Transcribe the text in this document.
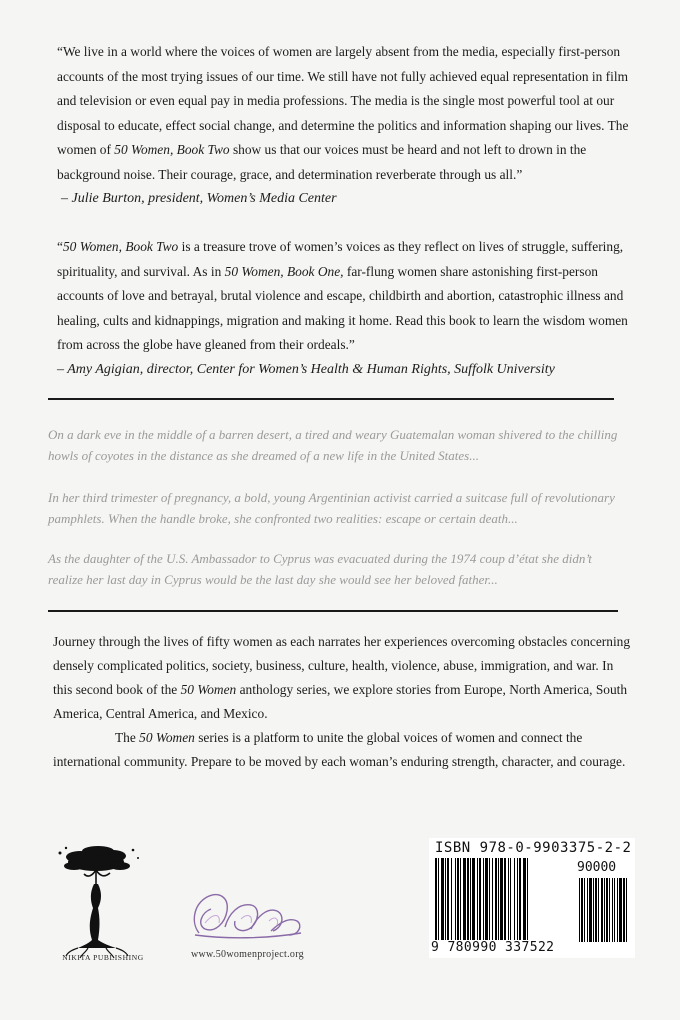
“We live in a world where the voices of women are largely absent from the media, especially first-person accounts of the most trying issues of our time. We still have not fully achieved equal representation in film and television or even equal pay in media professions. The media is the single most powerful tool at our disposal to educate, effect social change, and determine the politics and information shaping our lives. The women of 50 Women, Book Two show us that our voices must be heard and not left to drown in the background noise. Their courage, grace, and determination reverberate through us all.”

– Julie Burton, president, Women’s Media Center

“50 Women, Book Two is a treasure trove of women’s voices as they reflect on lives of struggle, suffering, spirituality, and survival. As in 50 Women, Book One, far-flung women share astonishing first-person accounts of love and betrayal, brutal violence and escape, childbirth and abortion, catastrophic illness and healing, cults and kidnappings, migration and making it home. Read this book to learn the wisdom women from across the globe have gleaned from their ordeals.”

– Amy Agigian, director, Center for Women’s Health & Human Rights, Suffolk University

On a dark eve in the middle of a barren desert, a tired and weary Guatemalan woman shivered to the chilling howls of coyotes in the distance as she dreamed of a new life in the United States...

In her third trimester of pregnancy, a bold, young Argentinian activist carried a suitcase full of revolutionary pamphlets. When the handle broke, she confronted two realities: escape or certain death...

As the daughter of the U.S. Ambassador to Cyprus was evacuated during the 1974 coup d’état she didn’t realize her last day in Cyprus would be the last day she would see her beloved father...

Journey through the lives of fifty women as each narrates her experiences overcoming obstacles concerning densely complicated politics, society, business, culture, health, violence, abuse, immigration, and war. In this second book of the 50 Women anthology series, we explore stories from Europe, North America, South America, Central America, and Mexico.

The 50 Women series is a platform to unite the global voices of women and connect the international community. Prepare to be moved by each woman’s enduring strength, character, and courage.

NIKITA PUBLISHING	www.50womenproject.org
ISBN 978-0-9903375-2-2
90000
9 780990 337522
